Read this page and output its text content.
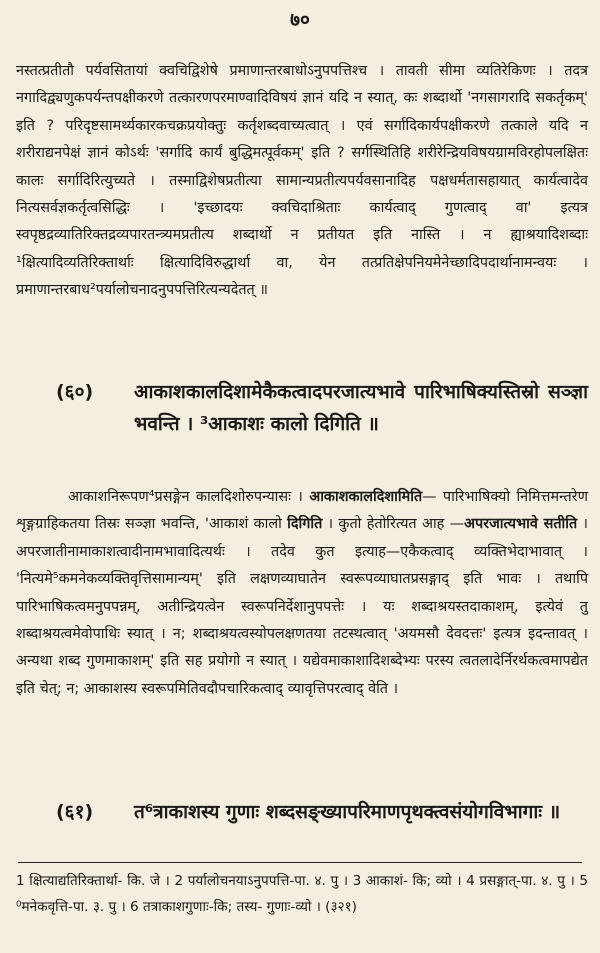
७०

नस्तत्प्रतीतौ पर्यवसितायां क्वचिद्विशेषे प्रमाणान्तरबाधोऽनुपपत्तिश्च । तावती सीमा व्यतिरेकिणः । तदत्र नगादिद्व्यणुकपर्यन्तपक्षीकरणे तत्कारणपरमाण्वादिविषयं ज्ञानं यदि न स्यात्, कः शब्दार्थो 'नगसागरादि सकर्तृकम्' इति ? परिदृष्टसामर्थ्यकारकचक्रप्रयोक्तुः कर्तृशब्दवाच्यत्वात् । एवं सर्गादिकार्यपक्षीकरणे तत्काले यदि न शरीराद्यनपेक्षं ज्ञानं कोऽर्थः 'सर्गादि कार्यं बुद्धिमत्पूर्वकम्' इति ? सर्गस्थितिहि शरीरेन्द्रियविषयग्रामविरहोपलक्षितः कालः सर्गादिरित्युच्यते । तस्माद्विशेषप्रतीत्या सामान्यप्रतीत्यपर्यवसानादिह पक्षधर्मतासहायात् कार्यत्वादेव नित्यसर्वज्ञकर्तृत्वसिद्धिः । 'इच्छादयः क्वचिदाश्रिताः कार्यत्वाद् गुणत्वाद् वा' इत्यत्र स्वपृष्ठद्रव्यातिरिक्तद्रव्यपारतन्त्र्यमप्रतीत्य शब्दार्थो न प्रतीयत इति नास्ति । न ह्याश्रयादिशब्दाः ¹क्षित्यादिव्यतिरिक्तार्थाः क्षित्यादिविरुद्धार्था वा, येन तत्प्रतिक्षेपनियमेनेच्छादिपदार्थानामन्वयः । प्रमाणान्तरबाध²पर्यालोचनादनुपपत्तिरित्यन्यदेतत् ॥

(६०) आकाशकालदिशामेकैकत्वादपरजात्यभावे पारिभाषिक्यस्तिस्रो सञ्ज्ञा भवन्ति । ³आकाशः कालो दिगिति ॥

आकाशनिरूपण⁴प्रसङ्गेन कालदिशोरुपन्यासः । आकाशकालदिशामिति— पारिभाषिक्यो निमित्तमन्तरेण शृङ्गग्राहिकतया तिस्रः सञ्ज्ञा भवन्ति, 'आकाशं कालो दिगिति । कुतो हेतोरित्यत आह —अपरजात्यभावे सतीति । अपरजातीनामाकाशत्वादीनामभावादित्यर्थः । तदेव कुत इत्याह—एकैकत्वाद् व्यक्तिभेदाभावात् । 'नित्यमे⁵कमनेकव्यक्तिवृत्तिसामान्यम्' इति लक्षणव्याघातेन स्वरूपव्याघातप्रसङ्गाद् इति भावः । तथापि पारिभाषिकत्वमनुपपन्नम्, अतीन्द्रियत्वेन स्वरूपनिर्देशानुपपत्तेः । यः शब्दाश्रयस्तदाकाशम्, इत्येवं तु शब्दाश्रयत्वमेवोपाधिः स्यात् । न; शब्दाश्रयत्वस्योपलक्षणतया तटस्थत्वात् 'अयमसौ देवदत्तः' इत्यत्र इदन्तावत् । अन्यथा शब्द गुणमाकाशम्' इति सह प्रयोगो न स्यात् । यद्येवमाकाशादिशब्देभ्यः परस्य त्वतलादेर्निरर्थकत्वमापद्येत इति चेत्; न; आकाशस्य स्वरूपमितिवदौपचारिकत्वाद् व्यावृत्तिपरत्वाद् वेति ।

(६१) त⁶त्राकाशस्य गुणाः शब्दसङ्ख्यापरिमाणपृथक्त्वसंयोगविभागाः ॥
1 क्षित्याद्यतिरिक्तार्था- कि. जे । 2 पर्यालोचनयाऽनुपपत्ति-पा. ४. पु । 3 आकाशं- कि; व्यो । 4 प्रसङ्गात्-पा. ४. पु । 5 ⁰मनेकवृत्ति-पा. ३. पु । 6 तत्राकाशगुणाः-कि; तस्य- गुणाः-व्यो । (३२१)
